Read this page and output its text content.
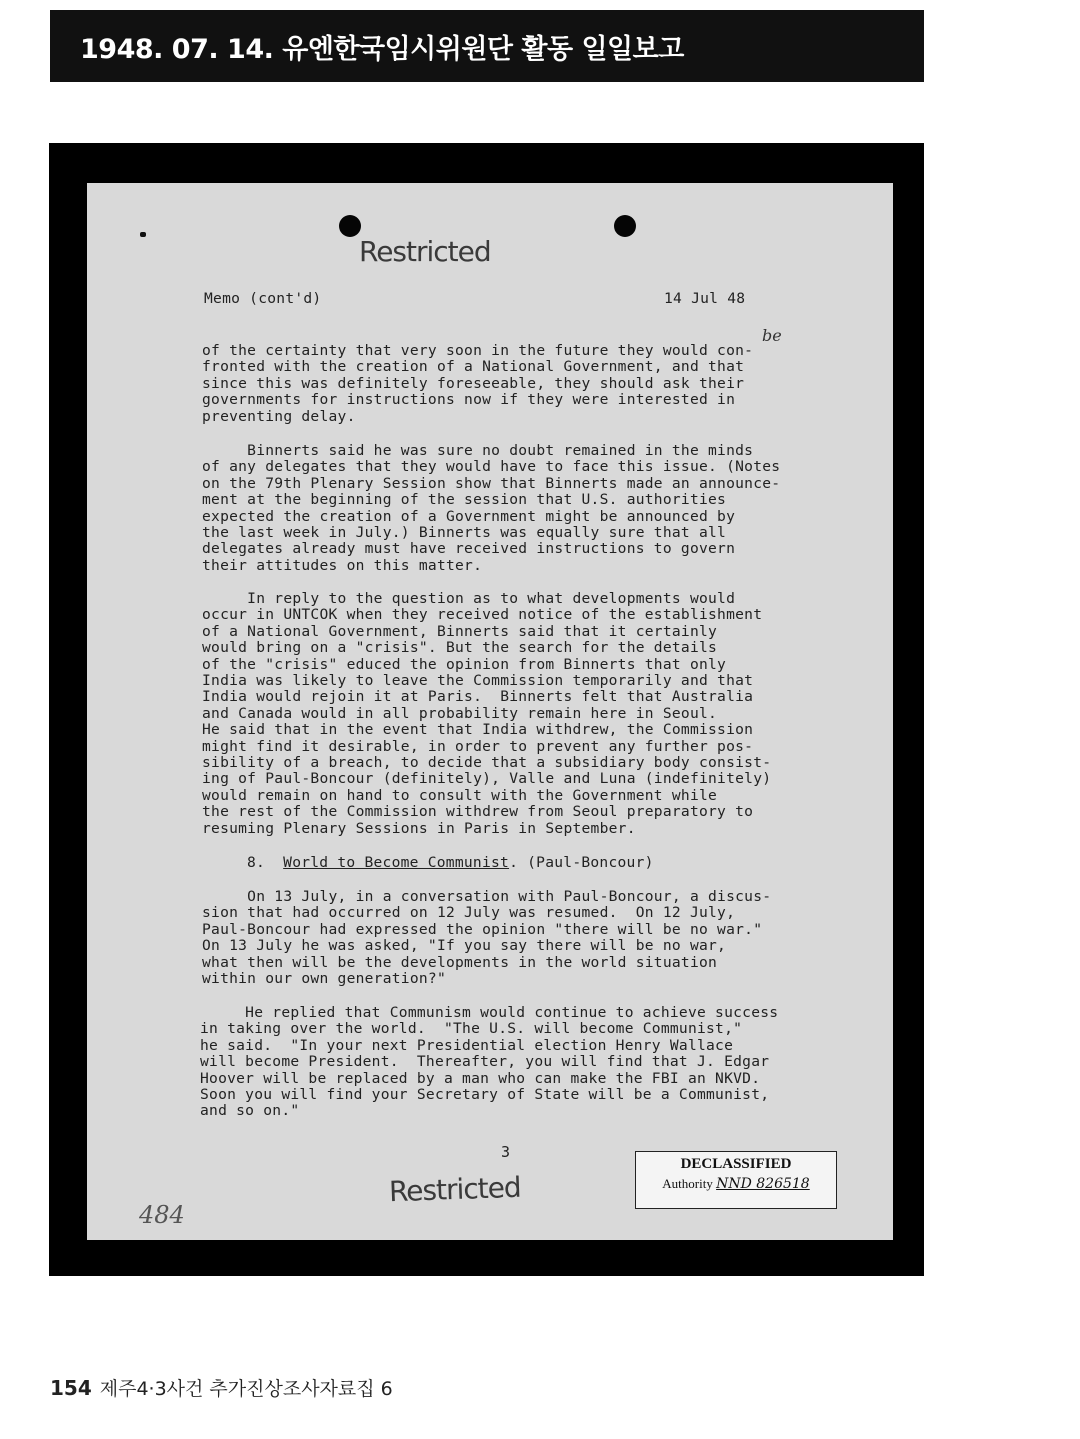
1948. 07. 14. 유엔한국임시위원단 활동 일일보고
Restricted
Memo (cont'd)	14 Jul 48
be
of the certainty that very soon in the future they would con-
fronted with the creation of a National Government, and that
since this was definitely foreseeable, they should ask their
governments for instructions now if they were interested in
preventing delay.
Binnerts said he was sure no doubt remained in the minds
of any delegates that they would have to face this issue. (Notes
on the 79th Plenary Session show that Binnerts made an announce-
ment at the beginning of the session that U.S. authorities
expected the creation of a Government might be announced by
the last week in July.) Binnerts was equally sure that all
delegates already must have received instructions to govern
their attitudes on this matter.
In reply to the question as to what developments would
occur in UNTCOK when they received notice of the establishment
of a National Government, Binnerts said that it certainly
would bring on a "crisis". But the search for the details
of the "crisis" educed the opinion from Binnerts that only
India was likely to leave the Commission temporarily and that
India would rejoin it at Paris.  Binnerts felt that Australia
and Canada would in all probability remain here in Seoul.
He said that in the event that India withdrew, the Commission
might find it desirable, in order to prevent any further pos-
sibility of a breach, to decide that a subsidiary body consist-
ing of Paul-Boncour (definitely), Valle and Luna (indefinitely)
would remain on hand to consult with the Government while
the rest of the Commission withdrew from Seoul preparatory to
resuming Plenary Sessions in Paris in September.
8. World to Become Communist. (Paul-Boncour)
On 13 July, in a conversation with Paul-Boncour, a discus-
sion that had occurred on 12 July was resumed.  On 12 July,
Paul-Boncour had expressed the opinion "there will be no war."
On 13 July he was asked, "If you say there will be no war,
what then will be the developments in the world situation
within our own generation?"
He replied that Communism would continue to achieve success
in taking over the world.  "The U.S. will become Communist,"
he said.  "In your next Presidential election Henry Wallace
will become President.  Thereafter, you will find that J. Edgar
Hoover will be replaced by a man who can make the FBI an NKVD.
Soon you will find your Secretary of State will be a Communist,
and so on."
3
Restricted
DECLASSIFIED
Authority NND 826518
484
154 제주4·3사건 추가진상조사자료집 6
